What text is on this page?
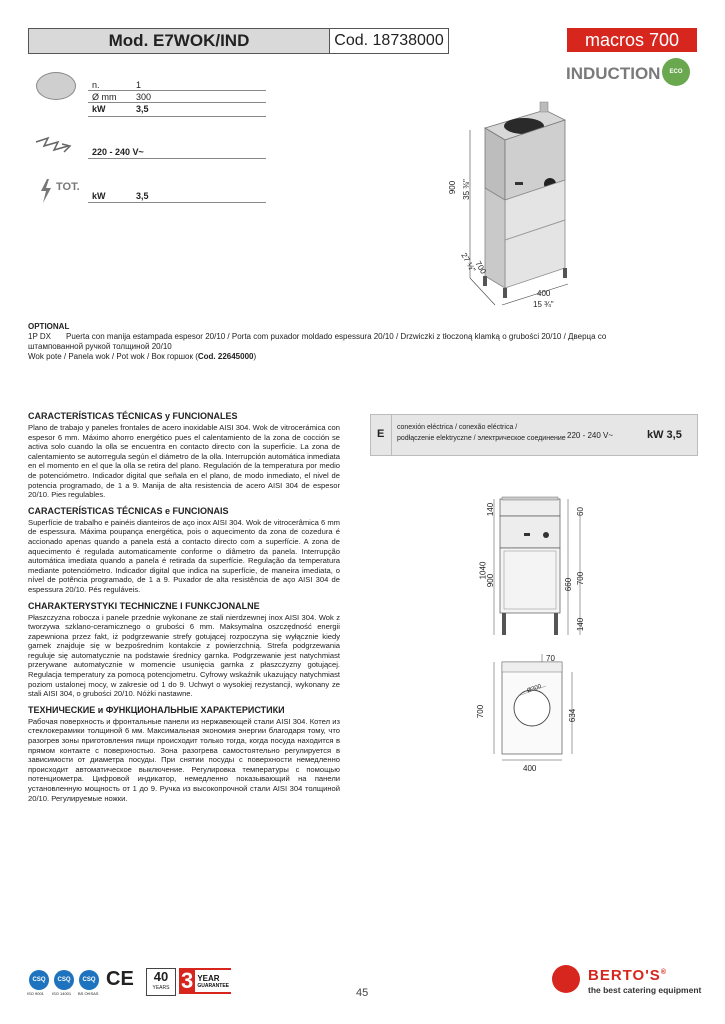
Mod. E7WOK/IND	Cod. 18738000	macros 700
INDUCTION	ECO
n.	1
Ø mm 300
kW	3,5
220 - 240 V~
TOT.
kW	3,5
900 35 ⅜"
700
27 ½"
400
15 ¾"
OPTIONAL
1P DX Puerta con manija estampada espesor 20/10 / Porta com puxador moldado espessura 20/10 / Drzwiczki z tłoczoną klamką o grubości 20/10 / Дверца со штампованной ручкой толщиной 20/10
Wok pote / Panela wok / Pot wok / Вок горшок (Cod. 22645000)
CARACTERÍSTICAS TÉCNICAS y FUNCIONALES
Plano de trabajo y paneles frontales de acero inoxidable AISI 304. Wok de vitrocerámica con espesor 6 mm. Máximo ahorro energético pues el calentamiento de la zona de cocción se activa solo cuando la olla se encuentra en contacto directo con la superficie. La zona de calentamiento se autorregula según el diámetro de la olla. Interrupción automática inmediata en el momento en el que la olla se retira del plano. Regulación de la temperatura por medio de potenciómetro. Indicador digital que señala en el plano, de modo inmediato, el nivel de potencia programado, de 1 a 9. Manija de alta resistencia de acero AISI 304 de espesor 20/10. Pies regulables.
CARACTERÍSTICAS TÉCNICAS e FUNCIONAIS
Superfície de trabalho e painéis dianteiros de aço inox AISI 304. Wok de vitrocerâmica 6 mm de espessura. Máxima poupança energética, pois o aquecimento da zona de cozedura é accionado apenas quando a panela está a contacto directo com a superfície. A zona de aquecimento é regulada automaticamente conforme o diâmetro da panela. Interrupção automática imediata quando a panela é retirada da superfície. Regulação da temperatura mediante potenciómetro. Indicador digital que indica na superfície, de maneira imediata, o nível de potência programado, de 1 a 9. Puxador de alta resistência de aço AISI 304 de espessura 20/10. Pés reguláveis.
CHARAKTERYSTYKI TECHNICZNE I FUNKCJONALNE
Płaszczyzna robocza i panele przednie wykonane ze stali nierdzewnej inox AISI 304. Wok z tworzywa szklano-ceramicznego o grubości 6 mm. Maksymalna oszczędność energii zapewniona przez fakt, iż podgrzewanie strefy gotującej rozpoczyna się wyłącznie kiedy garnek znajduje się w bezpośrednim kontakcie z powierzchnią. Strefa podgrzewania reguluje się automatycznie na podstawie średnicy garnka. Podgrzewanie jest natychmiast przerywane automatycznie w momencie usunięcia garnka z płaszczyzny gotującej. Regulacja temperatury za pomocą potencjometru. Cyfrowy wskaźnik ukazujący natychmiast poziom ustalonej mocy, w zakresie od 1 do 9. Uchwyt o wysokiej rezystancji, wykonany ze stali AISI 304, o grubości 20/10. Nóżki nastawne.
ТЕХНИЧЕСКИЕ и ФУНКЦИОНАЛЬНЫЕ ХАРАКТЕРИСТИКИ
Рабочая поверхность и фронтальные панели из нержавеющей стали AISI 304. Котел из стеклокерамики толщиной 6 мм. Максимальная экономия энергии благодаря тому, что разогрев зоны приготовления пищи происходит только тогда, когда посуда находится в прямом контакте с поверхностью. Зона разогрева самостоятельно регулируется в зависимости от диаметра посуды. При снятии посуды с поверхности немедленно происходит автоматическое выключение. Регулировка температуры с помощью потенциометра. Цифровой индикатор, немедленно показывающий на панели установленную мощность от 1 до 9. Ручка из высокопрочной стали AISI 304 толщиной 20/10. Регулируемые ножки.
E
conexión eléctrica / conexão eléctrica /
podłączenie elektryczne / электрическое соединение 220 - 240 V~	kW 3,5
140	60
1040
900	660 700
140
70
Ø300
700	634
400
CSQ	CSQ	CSQ
ISO 9001 ISO 14001 BS OHSAS
CE	40
YEARS 3 YEAR
GUARANTEE
45
BERTO'S®
the best catering equipment
